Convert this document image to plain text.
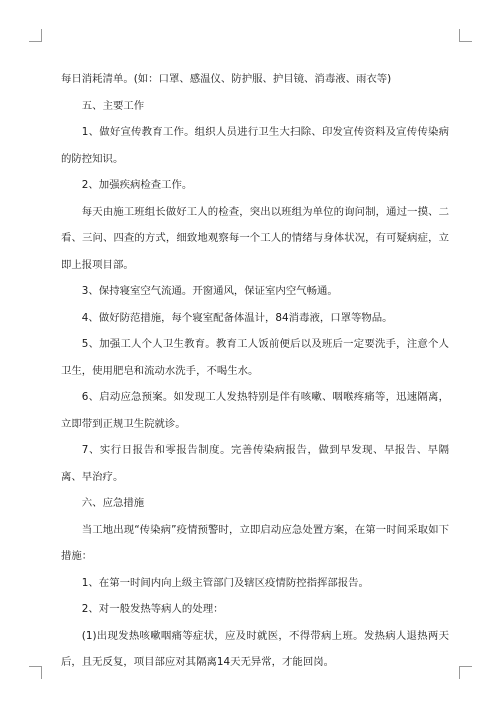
每日消耗清单。(如：口罩、感温仪、防护服、护目镜、消毒液、雨衣等)

五、主要工作

1、做好宣传教育工作。组织人员进行卫生大扫除、印发宣传资料及宣传传染病的防控知识。

2、加强疾病检查工作。

每天由施工班组长做好工人的检查，突出以班组为单位的询问制，通过一摸、二看、三问、四查的方式，细致地观察每一个工人的情绪与身体状况，有可疑病症，立即上报项目部。

3、保持寝室空气流通。开窗通风，保证室内空气畅通。

4、做好防范措施，每个寝室配备体温计，84消毒液，口罩等物品。

5、加强工人个人卫生教育。教育工人饭前便后以及班后一定要洗手，注意个人卫生，使用肥皂和流动水洗手，不喝生水。

6、启动应急预案。如发现工人发热特别是伴有咳嗽、咽喉疼痛等，迅速隔离，立即带到正规卫生院就诊。

7、实行日报告和零报告制度。完善传染病报告，做到早发现、早报告、早隔离、早治疗。

六、应急措施

当工地出现“传染病”疫情预警时，立即启动应急处置方案，在第一时间采取如下措施：

1、在第一时间内向上级主管部门及辖区疫情防控指挥部报告。

2、对一般发热等病人的处理：

(1)出现发热咳嗽咽痛等症状，应及时就医，不得带病上班。发热病人退热两天后，且无反复，项目部应对其隔离14天无异常，才能回岗。
